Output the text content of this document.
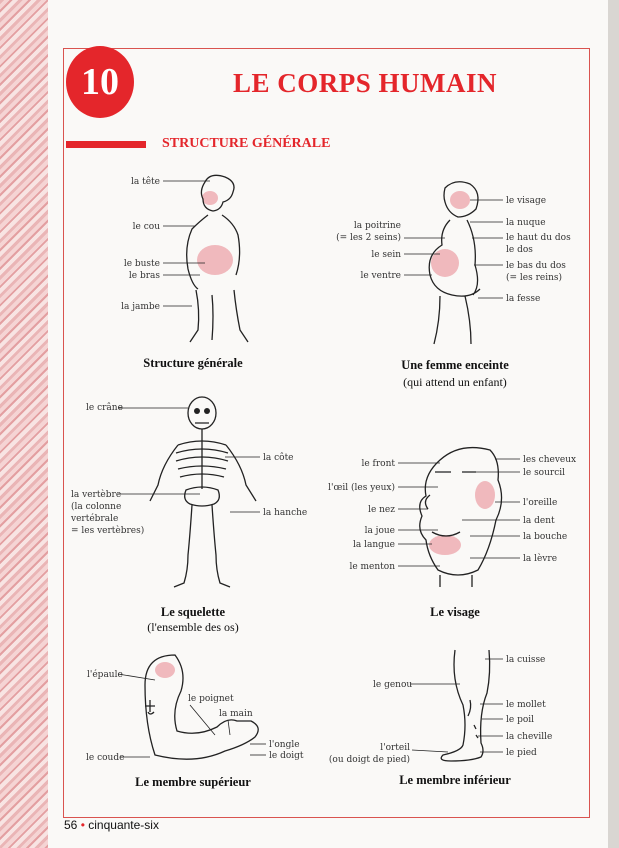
10	LE CORPS HUMAIN
STRUCTURE GÉNÉRALE
la tête
le cou
le buste
le bras
la jambe
Structure générale
la poitrine
(= les 2 seins)
le sein
le ventre
le visage
la nuque
le haut du dos
le dos
le bas du dos
(= les reins)
la fesse
Une femme enceinte
(qui attend un enfant)
le crâne
la côte
la vertèbre
(la colonne
vertébrale
= les vertèbres)
la hanche
Le squelette
(l'ensemble des os)
le front
l'œil (les yeux)
le nez
la joue
la langue
le menton
les cheveux
le sourcil
l'oreille
la dent
la bouche
la lèvre
Le visage
l'épaule
le poignet
la main
l'ongle
le doigt
le coude
Le membre supérieur
la cuisse
le genou
le mollet
le poil
la cheville
le pied
l'orteil
(ou doigt de pied)
Le membre inférieur
56 • cinquante-six
